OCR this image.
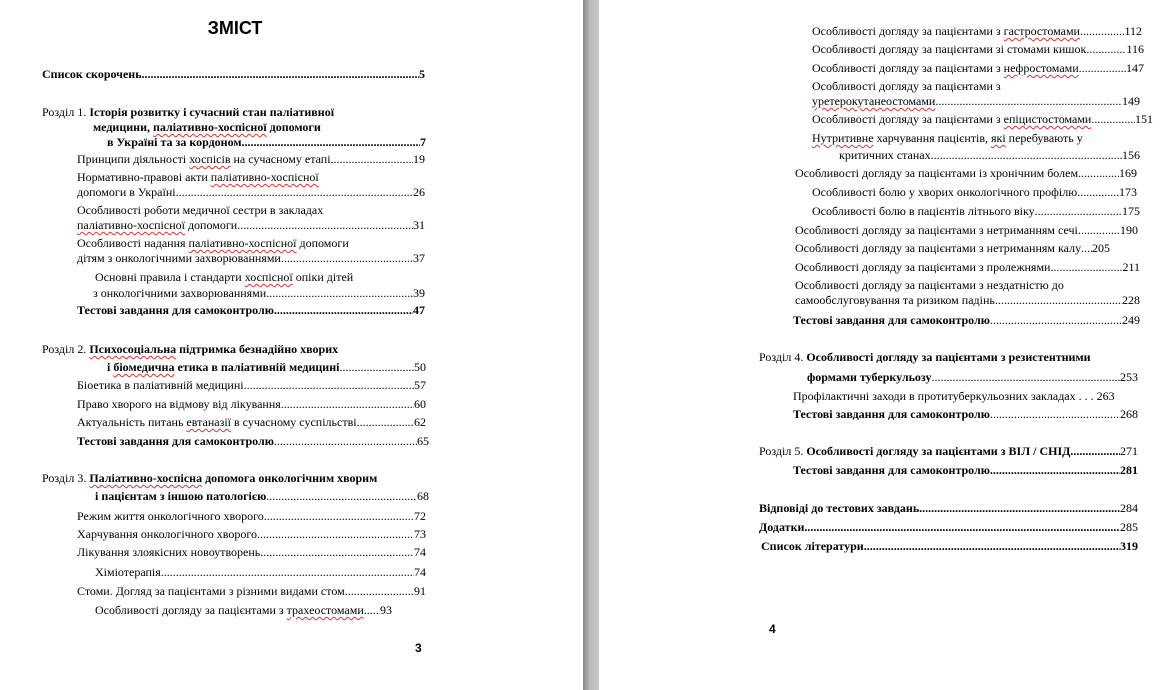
ЗМІСТ
Список скорочень .....	5
Розділ 1. Історія розвитку і сучасний стан паліативної
медицини, паліативно-хоспісної допомоги
в Україні та за кордоном .....	7
Принципи діяльності хоспісів на сучасному етапі .....	19
Нормативно-правові акти паліативно-хоспісної
допомоги в Україні .....	26
Особливості роботи медичної сестри в закладах
паліативно-хоспісної допомоги .....	31
Особливості надання паліативно-хоспісної допомоги
дітям з онкологічними захворюваннями .....	37
Основні правила і стандарти хоспісної опіки дітей
з онкологічними захворюваннями .....	39
Тестові завдання для самоконтролю .....	47
Розділ 2. Психосоціальна підтримка безнадійно хворих
і біомедична етика в паліативній медицині .....	50
Біоетика в паліативній медицині .....	57
Право хворого на відмову від лікування .....	60
Актуальність питань евтаназії в сучасному суспільстві .....	62
Тестові завдання для самоконтролю .....	65
Розділ 3. Паліативно-хоспісна допомога онкологічним хворим
і пацієнтам з іншою патологією .....	68
Режим життя онкологічного хворого .....	72
Харчування онкологічного хворого .....	73
Лікування злоякісних новоутворень .....	74
Хіміотерапія .....	74
Стоми. Догляд за пацієнтами з різними видами стом .....	91
Особливості догляду за пацієнтами з трахеостомами ..... 93
3
Особливості догляду за пацієнтами з гастростомами .....	112
Особливості догляду за пацієнтами зі стомами кишок .....	116
Особливості догляду за пацієнтами з нефростомами .....	147
Особливості догляду за пацієнтами з
уретерокутанеостомами .....	149
Особливості догляду за пацієнтами з епіцистостомами .....	151
Нутритивне харчування пацієнтів, які перебувають у
критичних станах .....	156
Особливості догляду за пацієнтами із хронічним болем .....	169
Особливості болю у хворих онкологічного профілю .....	173
Особливості болю в пацієнтів літнього віку .....	175
Особливості догляду за пацієнтами з нетриманням сечі .....	190
Особливості догляду за пацієнтами з нетриманням калу ..... 205
Особливості догляду за пацієнтами з пролежнями .....	211
Особливості догляду за пацієнтами з нездатністю до
самообслуговування та ризиком падінь .....	228
Тестові завдання для самоконтролю .....	249
Розділ 4. Особливості догляду за пацієнтами з резистентними
формами туберкульозу .....	253
Профілактичні заходи в протитуберкульозних закладах . . . 263
Тестові завдання для самоконтролю .....	268
Розділ 5. Особливості догляду за пацієнтами з ВІЛ / СНІД .....	271
Тестові завдання для самоконтролю .....	281
Відповіді до тестових завдань .....	284
Додатки .....	285
Список літератури .....	319
4
